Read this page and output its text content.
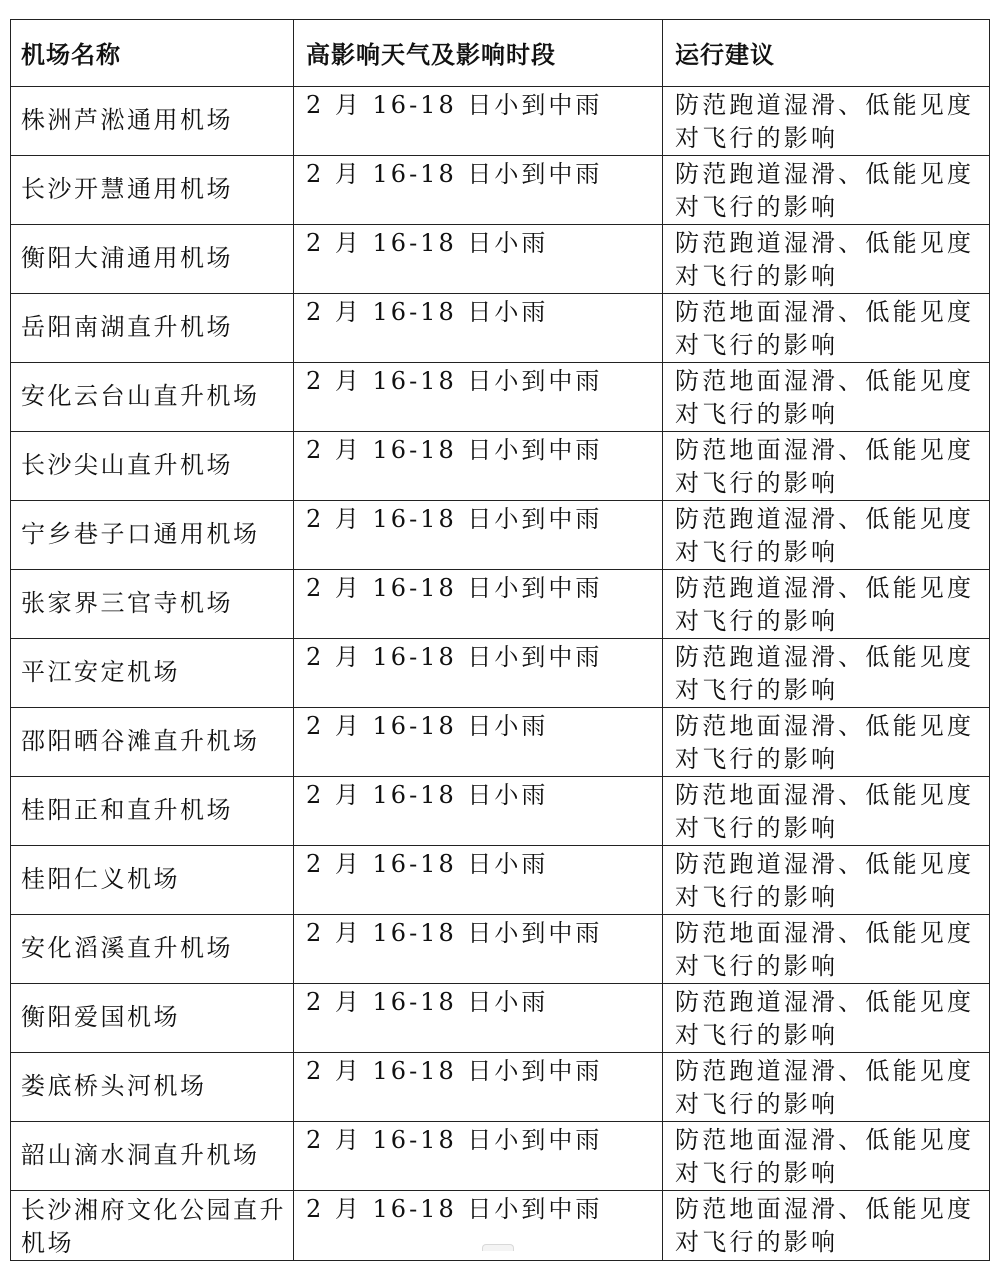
机场名称	高影响天气及影响时段	运行建议
株洲芦淞通用机场	2 月 16-18 日小到中雨	防范跑道湿滑、低能见度对飞行的影响
长沙开慧通用机场	2 月 16-18 日小到中雨	防范跑道湿滑、低能见度对飞行的影响
衡阳大浦通用机场	2 月 16-18 日小雨	防范跑道湿滑、低能见度对飞行的影响
岳阳南湖直升机场	2 月 16-18 日小雨	防范地面湿滑、低能见度对飞行的影响
安化云台山直升机场	2 月 16-18 日小到中雨	防范地面湿滑、低能见度对飞行的影响
长沙尖山直升机场	2 月 16-18 日小到中雨	防范地面湿滑、低能见度对飞行的影响
宁乡巷子口通用机场	2 月 16-18 日小到中雨	防范跑道湿滑、低能见度对飞行的影响
张家界三官寺机场	2 月 16-18 日小到中雨	防范跑道湿滑、低能见度对飞行的影响
平江安定机场	2 月 16-18 日小到中雨	防范跑道湿滑、低能见度对飞行的影响
邵阳晒谷滩直升机场	2 月 16-18 日小雨	防范地面湿滑、低能见度对飞行的影响
桂阳正和直升机场	2 月 16-18 日小雨	防范地面湿滑、低能见度对飞行的影响
桂阳仁义机场	2 月 16-18 日小雨	防范跑道湿滑、低能见度对飞行的影响
安化滔溪直升机场	2 月 16-18 日小到中雨	防范地面湿滑、低能见度对飞行的影响
衡阳爱国机场	2 月 16-18 日小雨	防范跑道湿滑、低能见度对飞行的影响
娄底桥头河机场	2 月 16-18 日小到中雨	防范跑道湿滑、低能见度对飞行的影响
韶山滴水洞直升机场	2 月 16-18 日小到中雨	防范地面湿滑、低能见度对飞行的影响
长沙湘府文化公园直升机场	2 月 16-18 日小到中雨	防范地面湿滑、低能见度对飞行的影响
